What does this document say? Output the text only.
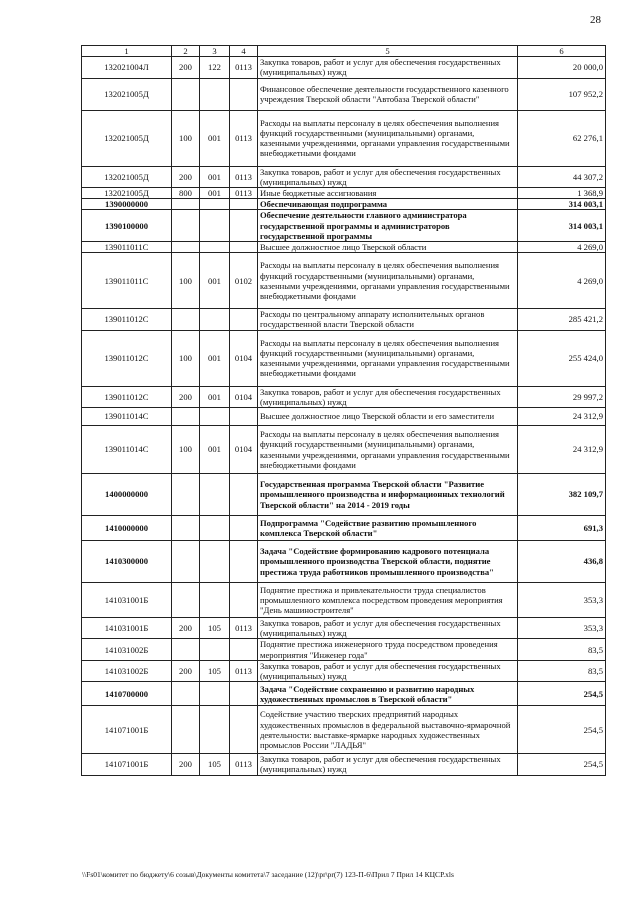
28
1	2	3	4	5	6
132021004Л	200	122	0113	Закупка товаров, работ и услуг для обеспечения государственных (муниципальных) нужд	20 000,0
132021005Д				Финансовое обеспечение деятельности государственного казенного учреждения Тверской области "Автобаза Тверской области"	107 952,2
132021005Д	100	001	0113	Расходы на выплаты персоналу в целях обеспечения выполнения функций государственными (муниципальными) органами, казенными учреждениями, органами управления государственными внебюджетными фондами	62 276,1
132021005Д	200	001	0113	Закупка товаров, работ и услуг для обеспечения государственных (муниципальных) нужд	44 307,2
132021005Д	800	001	0113	Иные бюджетные ассигнования	1 368,9
1390000000				Обеспечивающая подпрограмма	314 003,1
1390100000				Обеспечение деятельности главного администратора государственной программы и администраторов государственной программы	314 003,1
139011011С				Высшее должностное лицо Тверской области	4 269,0
139011011С	100	001	0102	Расходы на выплаты персоналу в целях обеспечения выполнения функций государственными (муниципальными) органами, казенными учреждениями, органами управления государственными внебюджетными фондами	4 269,0
139011012С				Расходы по центральному аппарату исполнительных органов государственной власти Тверской области	285 421,2
139011012С	100	001	0104	Расходы на выплаты персоналу в целях обеспечения выполнения функций государственными (муниципальными) органами, казенными учреждениями, органами управления государственными внебюджетными фондами	255 424,0
139011012С	200	001	0104	Закупка товаров, работ и услуг для обеспечения государственных (муниципальных) нужд	29 997,2
139011014С				Высшее должностное лицо Тверской области и его заместители	24 312,9
139011014С	100	001	0104	Расходы на выплаты персоналу в целях обеспечения выполнения функций государственными (муниципальными) органами, казенными учреждениями, органами управления государственными внебюджетными фондами	24 312,9
1400000000				Государственная программа Тверской области "Развитие промышленного производства и информационных технологий Тверской области" на 2014 - 2019 годы	382 109,7
1410000000				Подпрограмма "Содействие развитию промышленного комплекса Тверской области"	691,3
1410300000				Задача "Содействие формированию кадрового потенциала промышленного производства Тверской области, поднятие престижа труда работников промышленного производства"	436,8
141031001Б				Поднятие престижа и привлекательности труда специалистов промышленного комплекса посредством проведения мероприятия "День машиностроителя"	353,3
141031001Б	200	105	0113	Закупка товаров, работ и услуг для обеспечения государственных (муниципальных) нужд	353,3
141031002Б				Поднятие престижа инженерного труда посредством проведения мероприятия "Инженер года"	83,5
141031002Б	200	105	0113	Закупка товаров, работ и услуг для обеспечения государственных (муниципальных) нужд	83,5
1410700000				Задача "Содействие сохранению и развитию народных художественных промыслов в Тверской области"	254,5
141071001Б				Содействие участию тверских предприятий народных художественных промыслов в федеральной выставочно-ярмарочной деятельности: выставке-ярмарке народных художественных промыслов России "ЛАДЬЯ"	254,5
141071001Б	200	105	0113	Закупка товаров, работ и услуг для обеспечения государственных (муниципальных) нужд	254,5
\\Fs01\комитет по бюджету\6 созыв\Документы комитета\7 заседание (12)\pr\pr(7) 123-П-6\Прил 7 Прил 14 КЦСР.xls
